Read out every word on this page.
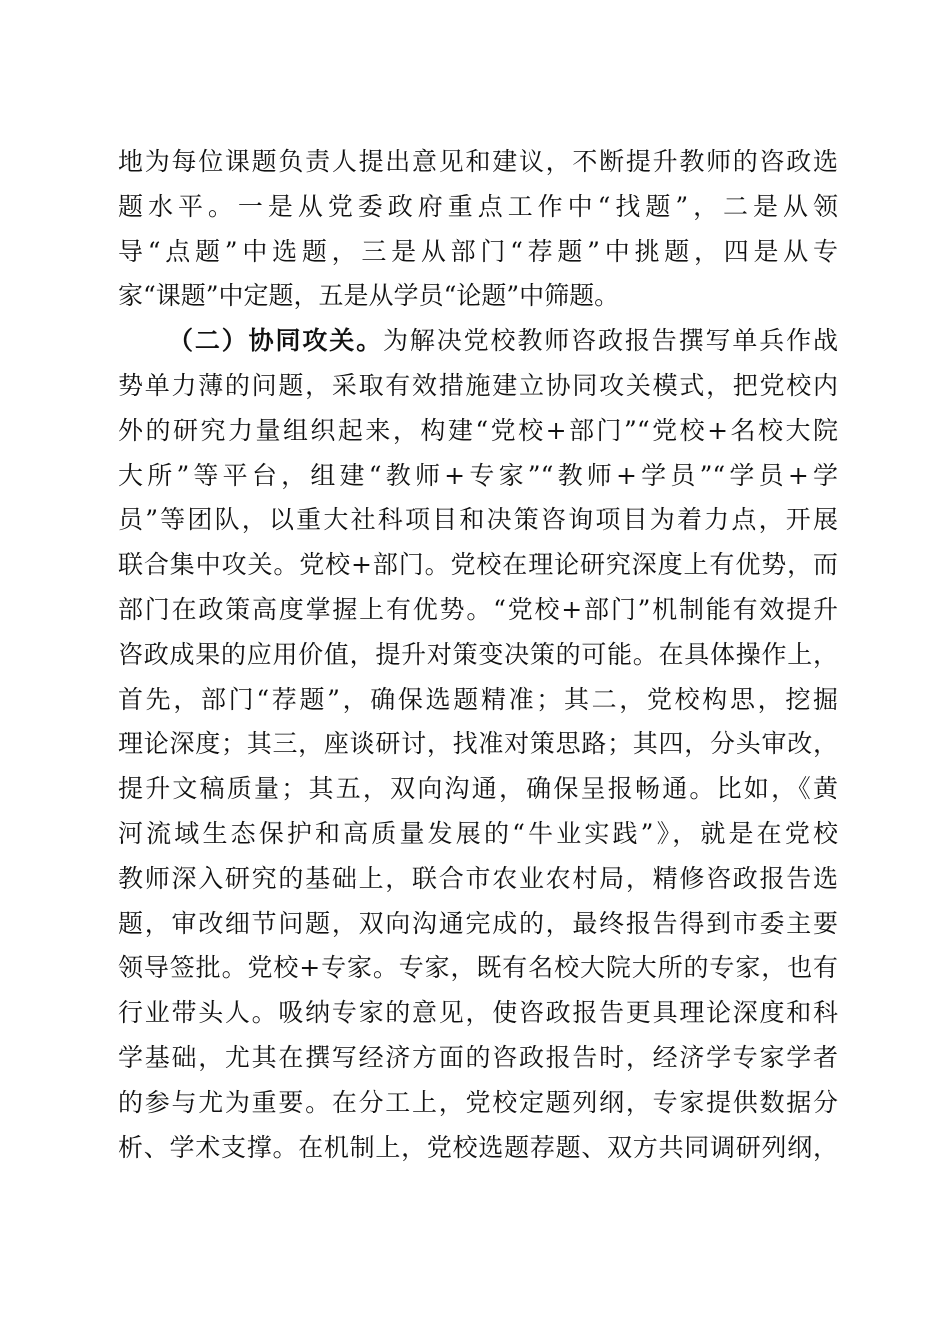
地为每位课题负责人提出意见和建议，不断提升教师的咨政选
题水平。一是从党委政府重点工作中“找题”，二是从领
导“点题”中选题，三是从部门“荐题”中挑题，四是从专
家“课题”中定题，五是从学员“论题”中筛题。
（二）协同攻关。为解决党校教师咨政报告撰写单兵作战
势单力薄的问题，采取有效措施建立协同攻关模式，把党校内
外的研究力量组织起来，构建“党校+部门”“党校+名校大院
大所”等平台，组建“教师+专家”“教师+学员”“学员+学
员”等团队，以重大社科项目和决策咨询项目为着力点，开展
联合集中攻关。党校+部门。党校在理论研究深度上有优势，而
部门在政策高度掌握上有优势。“党校+部门”机制能有效提升
咨政成果的应用价值，提升对策变决策的可能。在具体操作上，
首先，部门“荐题”，确保选题精准；其二，党校构思，挖掘
理论深度；其三，座谈研讨，找准对策思路；其四，分头审改，
提升文稿质量；其五，双向沟通，确保呈报畅通。比如，《黄
河流域生态保护和高质量发展的“牛业实践”》，就是在党校
教师深入研究的基础上，联合市农业农村局，精修咨政报告选
题，审改细节问题，双向沟通完成的，最终报告得到市委主要
领导签批。党校+专家。专家，既有名校大院大所的专家，也有
行业带头人。吸纳专家的意见，使咨政报告更具理论深度和科
学基础，尤其在撰写经济方面的咨政报告时，经济学专家学者
的参与尤为重要。在分工上，党校定题列纲，专家提供数据分
析、学术支撑。在机制上，党校选题荐题、双方共同调研列纲，
